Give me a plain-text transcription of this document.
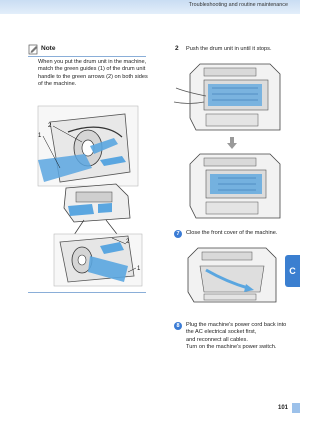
Troubleshooting and routine maintenance
Note

When you put the drum unit in the machine, match the green guides (1) of the drum unit handle to the green arrows (2) on both sides of the machine.

2
1
2
1
2 Push the drum unit in until it stops.

7	Close the front cover of the machine.

8	Plug the machine's power cord back into
the AC electrical socket first,
and reconnect all cables.
Turn on the machine's power switch.
C
101
